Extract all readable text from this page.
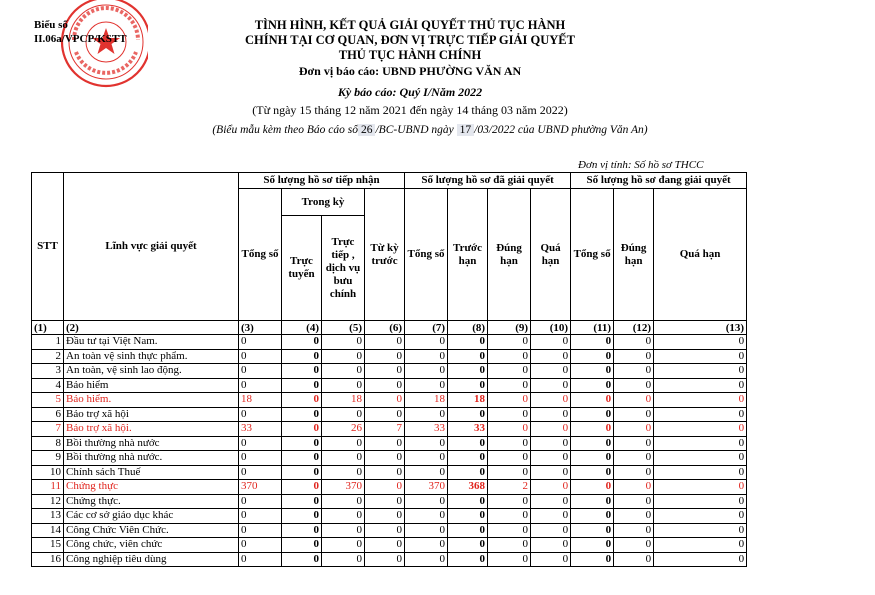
Biểu số
II.06a/VPCP/KSTT
TÌNH HÌNH, KẾT QUẢ GIẢI QUYẾT THỦ TỤC HÀNH
CHÍNH TẠI CƠ QUAN, ĐƠN VỊ TRỰC TIẾP GIẢI QUYẾT
THỦ TỤC HÀNH CHÍNH
Đơn vị báo cáo: UBND PHƯỜNG VĂN AN
Kỳ báo cáo: Quý I/Năm 2022
(Từ ngày 15 tháng 12 năm 2021 đến ngày 14 tháng 03 năm 2022)
(Biểu mẫu kèm theo Báo cáo số 26 /BC-UBND ngày 17 /03/2022 của UBND phường Văn An)
Đơn vị tính: Số hồ sơ THCC
STT	Lĩnh vực giải quyết	Số lượng hồ sơ tiếp nhận				Số lượng hồ sơ đã giải quyết				Số lượng hồ sơ đang giải quyết		
		Tổng số	Trong kỳ		Từ kỳ trước	Tổng số	Trước hạn	Đúng hạn	Quá hạn	Tổng số	Đúng hạn	Quá hạn
			Trực tuyến	Trực tiếp , dịch vụ bưu chính								
(1)	(2)	(3)	(4)	(5)	(6)	(7)	(8)	(9)	(10)	(11)	(12)	(13)
1	Đầu tư tại Việt Nam.	0	0	0	0	0	0	0	0	0	0	0
2	An toàn vệ sinh thực phẩm.	0	0	0	0	0	0	0	0	0	0	0
3	An toàn, vệ sinh lao động.	0	0	0	0	0	0	0	0	0	0	0
4	Bảo hiểm	0	0	0	0	0	0	0	0	0	0	0
5	Bảo hiểm.	18	0	18	0	18	18	0	0	0	0	0
6	Bảo trợ xã hội	0	0	0	0	0	0	0	0	0	0	0
7	Bảo trợ xã hội.	33	0	26	7	33	33	0	0	0	0	0
8	Bồi thường nhà nước	0	0	0	0	0	0	0	0	0	0	0
9	Bồi thường nhà nước.	0	0	0	0	0	0	0	0	0	0	0
10	Chính sách Thuế	0	0	0	0	0	0	0	0	0	0	0
11	Chứng thực	370	0	370	0	370	368	2	0	0	0	0
12	Chứng thực.	0	0	0	0	0	0	0	0	0	0	0
13	Các cơ sở giáo dục khác	0	0	0	0	0	0	0	0	0	0	0
14	Công Chức Viên Chức.	0	0	0	0	0	0	0	0	0	0	0
15	Công chức, viên chức	0	0	0	0	0	0	0	0	0	0	0
16	Công nghiệp tiêu dùng	0	0	0	0	0	0	0	0	0	0	0
